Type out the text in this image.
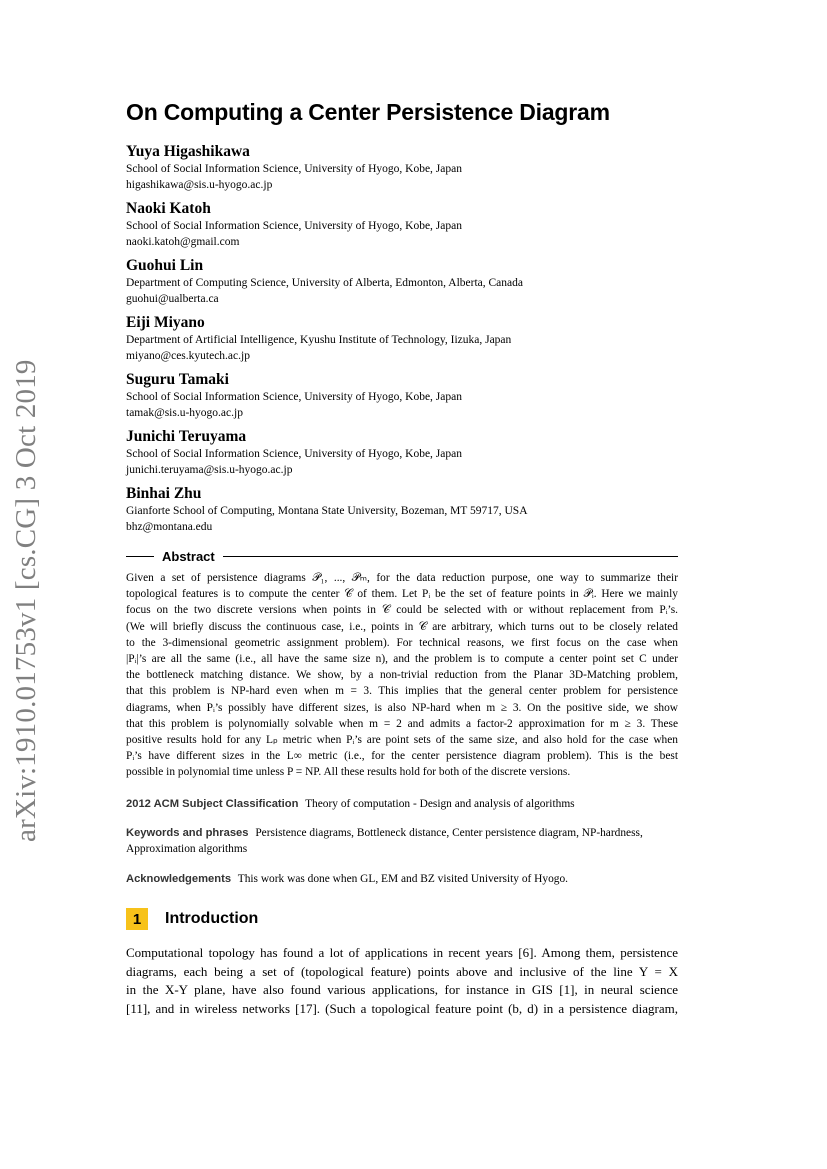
arXiv:1910.01753v1 [cs.CG] 3 Oct 2019
On Computing a Center Persistence Diagram
Yuya Higashikawa
School of Social Information Science, University of Hyogo, Kobe, Japan
higashikawa@sis.u-hyogo.ac.jp
Naoki Katoh
School of Social Information Science, University of Hyogo, Kobe, Japan
naoki.katoh@gmail.com
Guohui Lin
Department of Computing Science, University of Alberta, Edmonton, Alberta, Canada
guohui@ualberta.ca
Eiji Miyano
Department of Artificial Intelligence, Kyushu Institute of Technology, Iizuka, Japan
miyano@ces.kyutech.ac.jp
Suguru Tamaki
School of Social Information Science, University of Hyogo, Kobe, Japan
tamak@sis.u-hyogo.ac.jp
Junichi Teruyama
School of Social Information Science, University of Hyogo, Kobe, Japan
junichi.teruyama@sis.u-hyogo.ac.jp
Binhai Zhu
Gianforte School of Computing, Montana State University, Bozeman, MT 59717, USA
bhz@montana.edu
Abstract
Given a set of persistence diagrams 𝒫₁, ..., 𝒫ₘ, for the data reduction purpose, one way to summarize their
topological features is to compute the center 𝒞 of them. Let Pᵢ be the set of feature points in 𝒫ᵢ. Here we mainly
focus on the two discrete versions when points in 𝒞 could be selected with or without replacement from Pᵢ’s.
(We will briefly discuss the continuous case, i.e., points in 𝒞 are arbitrary, which turns out to be closely related
to the 3-dimensional geometric assignment problem). For technical reasons, we first focus on the case when
|Pᵢ|’s are all the same (i.e., all have the same size n), and the problem is to compute a center point set C under
the bottleneck matching distance. We show, by a non-trivial reduction from the Planar 3D-Matching problem,
that this problem is NP-hard even when m = 3. This implies that the general center problem for persistence
diagrams, when Pᵢ’s possibly have different sizes, is also NP-hard when m ≥ 3. On the positive side, we show
that this problem is polynomially solvable when m = 2 and admits a factor-2 approximation for m ≥ 3. These
positive results hold for any Lₚ metric when Pᵢ’s are point sets of the same size, and also hold for the case when
Pᵢ’s have different sizes in the L∞ metric (i.e., for the center persistence diagram problem). This is the best
possible in polynomial time unless P = NP. All these results hold for both of the discrete versions.
2012 ACM Subject Classification Theory of computation - Design and analysis of algorithms
Keywords and phrases Persistence diagrams, Bottleneck distance, Center persistence diagram, NP-hardness,
Approximation algorithms
Acknowledgements This work was done when GL, EM and BZ visited University of Hyogo.
1	Introduction
Computational topology has found a lot of applications in recent years [6]. Among them, persistence
diagrams, each being a set of (topological feature) points above and inclusive of the line Y = X
in the X-Y plane, have also found various applications, for instance in GIS [1], in neural science
[11], and in wireless networks [17]. (Such a topological feature point (b, d) in a persistence diagram,
